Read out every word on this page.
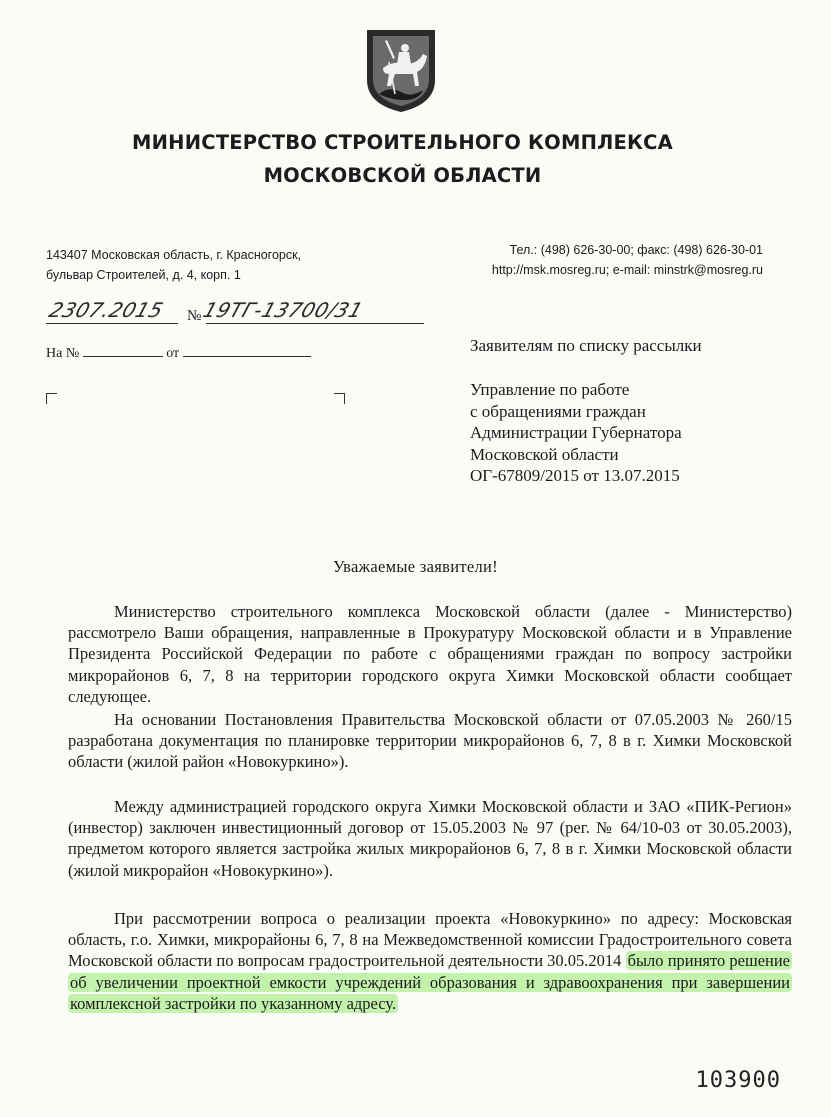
МИНИСТЕРСТВО СТРОИТЕЛЬНОГО КОМПЛЕКСА
МОСКОВСКОЙ ОБЛАСТИ
143407 Московская область, г. Красногорск,
бульвар Строителей, д. 4, корп. 1
Тел.: (498) 626-30-00; факс: (498) 626-30-01
http://msk.mosreg.ru; e-mail: minstrk@mosreg.ru
2307.2015 №
19ТГ-13700/31
На №	от	Заявителям по списку рассылки
Управление по работе
с обращениями граждан
Администрации Губернатора
Московской области
ОГ-67809/2015 от 13.07.2015
Уважаемые заявители!

Министерство строительного комплекса Московской области (далее - Министерство) рассмотрело Ваши обращения, направленные в Прокуратуру Московской области и в Управление Президента Российской Федерации по работе с обращениями граждан по вопросу застройки микрорайонов 6, 7, 8 на территории городского округа Химки Московской области сообщает следующее.

На основании Постановления Правительства Московской области от 07.05.2003 № 260/15 разработана документация по планировке территории микрорайонов 6, 7, 8 в г. Химки Московской области (жилой район «Новокуркино»).

Между администрацией городского округа Химки Московской области и ЗАО «ПИК-Регион» (инвестор) заключен инвестиционный договор от 15.05.2003 № 97 (рег. № 64/10-03 от 30.05.2003), предметом которого является застройка жилых микрорайонов 6, 7, 8 в г. Химки Московской области (жилой микрорайон «Новокуркино»).

При рассмотрении вопроса о реализации проекта «Новокуркино» по адресу: Московская область, г.о. Химки, микрорайоны 6, 7, 8 на Межведомственной комиссии Градостроительного совета Московской области по вопросам градостроительной деятельности 30.05.2014 было принято решение об увеличении проектной емкости учреждений образования и здравоохранения при завершении комплексной застройки по указанному адресу.

103900
